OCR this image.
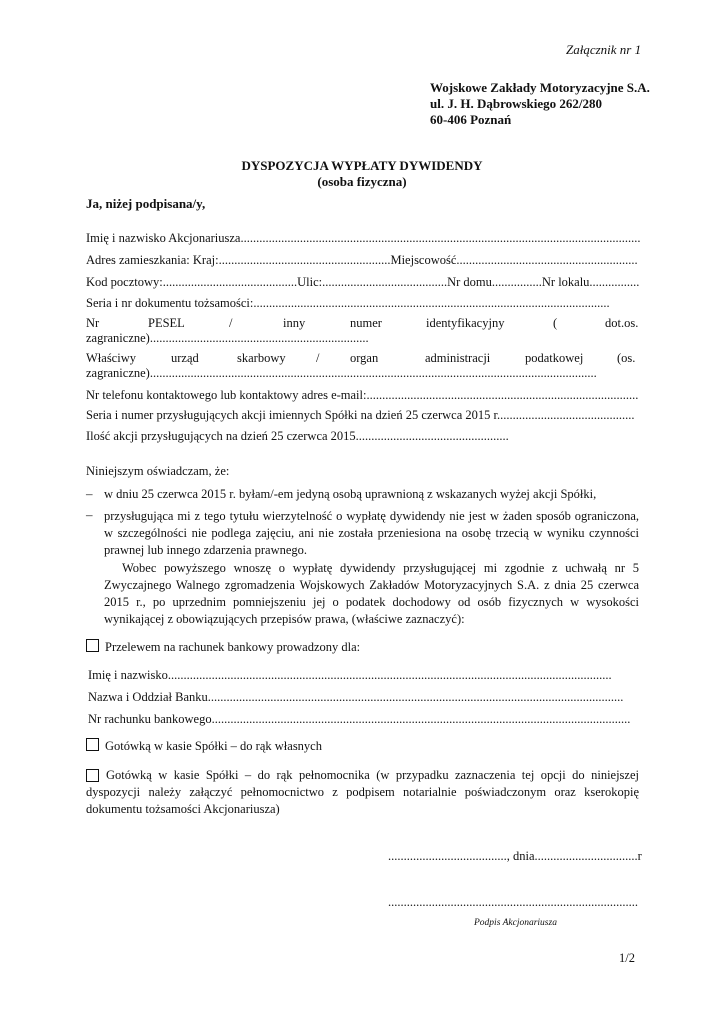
Załącznik nr 1
Wojskowe Zakłady Motoryzacyjne S.A.
ul. J. H. Dąbrowskiego 262/280
60-406 Poznań
DYSPOZYCJA WYPŁATY DYWIDENDY
(osoba fizyczna)
Ja, niżej podpisana/y,
Imię i nazwisko Akcjonariusza................................................................................................................................
Adres zamieszkania: Kraj:.......................................................Miejscowość..........................................................
Kod pocztowy:...........................................Ulic:........................................Nr domu................Nr lokalu................
Seria i nr dokumentu tożsamości:..................................................................................................................
Nr	PESEL	/	inny	numer	identyfikacyjny	(	dot.os.
zagraniczne)......................................................................
Właściwy	urząd	skarbowy / organ	administracji	podatkowej	(os.
zagraniczne)...............................................................................................................................................
Nr telefonu kontaktowego lub kontaktowy adres e-mail:.......................................................................................
Seria i numer przysługujących akcji imiennych Spółki na dzień 25 czerwca 2015 r............................................
Ilość akcji przysługujących na dzień 25 czerwca 2015.................................................
Niniejszym oświadczam, że:
– w dniu 25 czerwca 2015 r. byłam/-em jedyną osobą uprawnioną z wskazanych wyżej akcji Spółki,
– przysługująca mi z tego tytułu wierzytelność o wypłatę dywidendy nie jest w żaden sposób ograniczona, w szczególności nie podlega zajęciu, ani nie została przeniesiona na osobę trzecią w wyniku czynności prawnej lub innego zdarzenia prawnego.
Wobec powyższego wnoszę o wypłatę dywidendy przysługującej mi zgodnie z uchwałą nr 5 Zwyczajnego Walnego zgromadzenia Wojskowych Zakładów Motoryzacyjnych S.A. z dnia 25 czerwca 2015 r., po uprzednim pomniejszeniu jej o podatek dochodowy od osób fizycznych w wysokości wynikającej z obowiązujących przepisów prawa, (właściwe zaznaczyć):
Przelewem na rachunek bankowy prowadzony dla:
Imię i nazwisko..............................................................................................................................................
Nazwa i Oddział Banku.....................................................................................................................................
Nr rachunku bankowego......................................................................................................................................
Gotówką w kasie Spółki – do rąk własnych
Gotówką w kasie Spółki – do rąk pełnomocnika (w przypadku zaznaczenia tej opcji do niniejszej dyspozycji należy załączyć pełnomocnictwo z podpisem notarialnie poświadczonym oraz kserokopię dokumentu tożsamości Akcjonariusza)
......................................, dnia.................................r
................................................................................
Podpis Akcjonariusza
1/2
